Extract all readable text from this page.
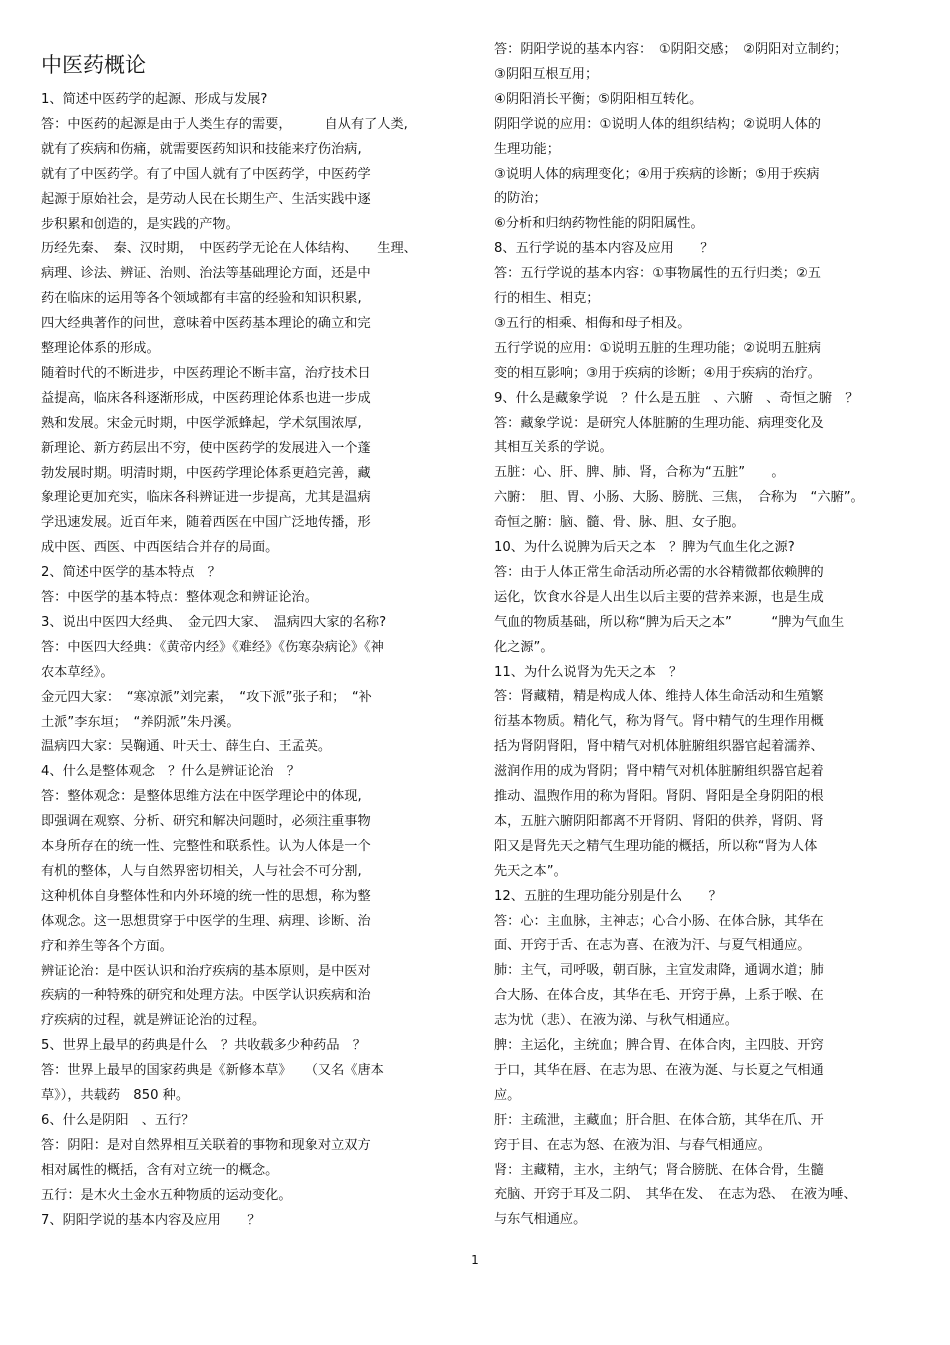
中医药概论
1、简述中医药学的起源、形成与发展?
答：中医药的起源是由于人类生存的需要，　　　自从有了人类,
就有了疾病和伤痛，就需要医药知识和技能来疗伤治病,
就有了中医药学。有了中国人就有了中医药学，中医药学
起源于原始社会，是劳动人民在长期生产、生活实践中逐
步积累和创造的，是实践的产物。
历经先秦、　秦、汉时期，　中医药学无论在人体结构、　　生理、
病理、诊法、辨证、治则、治法等基础理论方面，还是中
药在临床的运用等各个领域都有丰富的经验和知识积累,
四大经典著作的问世，意味着中医药基本理论的确立和完
整理论体系的形成。
随着时代的不断进步，中医药理论不断丰富，治疗技术日
益提高，临床各科逐渐形成，中医药理论体系也进一步成
熟和发展。宋金元时期，中医学派蜂起，学术氛围浓厚,
新理论、新方药层出不穷，使中医药学的发展进入一个蓬
勃发展时期。明清时期，中医药学理论体系更趋完善，藏
象理论更加充实，临床各科辨证进一步提高，尤其是温病
学迅速发展。近百年来，随着西医在中国广泛地传播，形
成中医、西医、中西医结合并存的局面。
2、简述中医学的基本特点　？
答：中医学的基本特点：整体观念和辨证论治。
3、说出中医四大经典、　金元四大家、　温病四大家的名称?
答：中医四大经典：《黄帝内经》《难经》《伤寒杂病论》《神
农本草经》。
金元四大家：　“寒凉派”刘完素，　“攻下派”张子和；　“补
土派”李东垣；　“养阴派”朱丹溪。
温病四大家：吴鞠通、叶天士、薛生白、王孟英。
4、什么是整体观念　？什么是辨证论治　？
答：整体观念：是整体思维方法在中医学理论中的体现,
即强调在观察、分析、研究和解决问题时，必须注重事物
本身所存在的统一性、完整性和联系性。认为人体是一个
有机的整体，人与自然界密切相关，人与社会不可分割,
这种机体自身整体性和内外环境的统一性的思想，称为整
体观念。这一思想贯穿于中医学的生理、病理、诊断、治
疗和养生等各个方面。
辨证论治：是中医认识和治疗疾病的基本原则，是中医对
疾病的一种特殊的研究和处理方法。中医学认识疾病和治
疗疾病的过程，就是辨证论治的过程。
5、世界上最早的药典是什么　？共收载多少种药品　？
答：世界上最早的国家药典是《新修本草》　　（又名《唐本
草》），共载药　850 种。
6、什么是阴阳　、五行？
答：阴阳：是对自然界相互关联着的事物和现象对立双方
相对属性的概括，含有对立统一的概念。
五行：是木火土金水五种物质的运动变化。
7、阴阳学说的基本内容及应用　　？
答：阴阳学说的基本内容：　①阴阳交感；　②阴阳对立制约；
③阴阳互根互用；
④阴阳消长平衡；⑤阴阳相互转化。
阴阳学说的应用：①说明人体的组织结构；②说明人体的
生理功能；
③说明人体的病理变化；④用于疾病的诊断；⑤用于疾病
的防治；
⑥分析和归纳药物性能的阴阳属性。
8、五行学说的基本内容及应用　　？
答：五行学说的基本内容：①事物属性的五行归类；②五
行的相生、相克；
③五行的相乘、相侮和母子相及。
五行学说的应用：①说明五脏的生理功能；②说明五脏病
变的相互影响；③用于疾病的诊断；④用于疾病的治疗。
9、什么是藏象学说　？什么是五脏　、六腑　、奇恒之腑　？
答：藏象学说：是研究人体脏腑的生理功能、病理变化及
其相互关系的学说。
五脏：心、肝、脾、肺、肾，合称为“五脏”　　。
六腑：　胆、胃、小肠、大肠、膀胱、三焦，　合称为　“六腑”。
奇恒之腑：脑、髓、骨、脉、胆、女子胞。
10、为什么说脾为后天之本　？脾为气血生化之源?
答：由于人体正常生命活动所必需的水谷精微都依赖脾的
运化，饮食水谷是人出生以后主要的营养来源，也是生成
气血的物质基础，所以称“脾为后天之本”　　　“脾为气血生
化之源”。
11、为什么说肾为先天之本　？
答：肾藏精，精是构成人体、维持人体生命活动和生殖繁
衍基本物质。精化气，称为肾气。肾中精气的生理作用概
括为肾阴肾阳，肾中精气对机体脏腑组织器官起着濡养、
滋润作用的成为肾阴；肾中精气对机体脏腑组织器官起着
推动、温煦作用的称为肾阳。肾阴、肾阳是全身阴阳的根
本，五脏六腑阴阳都离不开肾阴、肾阳的供养，肾阴、肾
阳又是肾先天之精气生理功能的概括，所以称“肾为人体
先天之本”。
12、五脏的生理功能分别是什么　　？
答：心：主血脉，主神志；心合小肠、在体合脉，其华在
面、开窍于舌、在志为喜、在液为汗、与夏气相通应。
肺：主气，司呼吸，朝百脉，主宣发肃降，通调水道；肺
合大肠、在体合皮，其华在毛、开窍于鼻，上系于喉、在
志为忧（悲）、在液为涕、与秋气相通应。
脾：主运化，主统血；脾合胃、在体合肉，主四肢、开窍
于口，其华在唇、在志为思、在液为涎、与长夏之气相通
应。
肝：主疏泄，主藏血；肝合胆、在体合筋，其华在爪、开
窍于目、在志为怒、在液为泪、与春气相通应。
肾：主藏精，主水，主纳气；肾合膀胱、在体合骨，生髓
充脑、开窍于耳及二阴、　其华在发、　在志为恐、　在液为唾、
与东气相通应。
1
